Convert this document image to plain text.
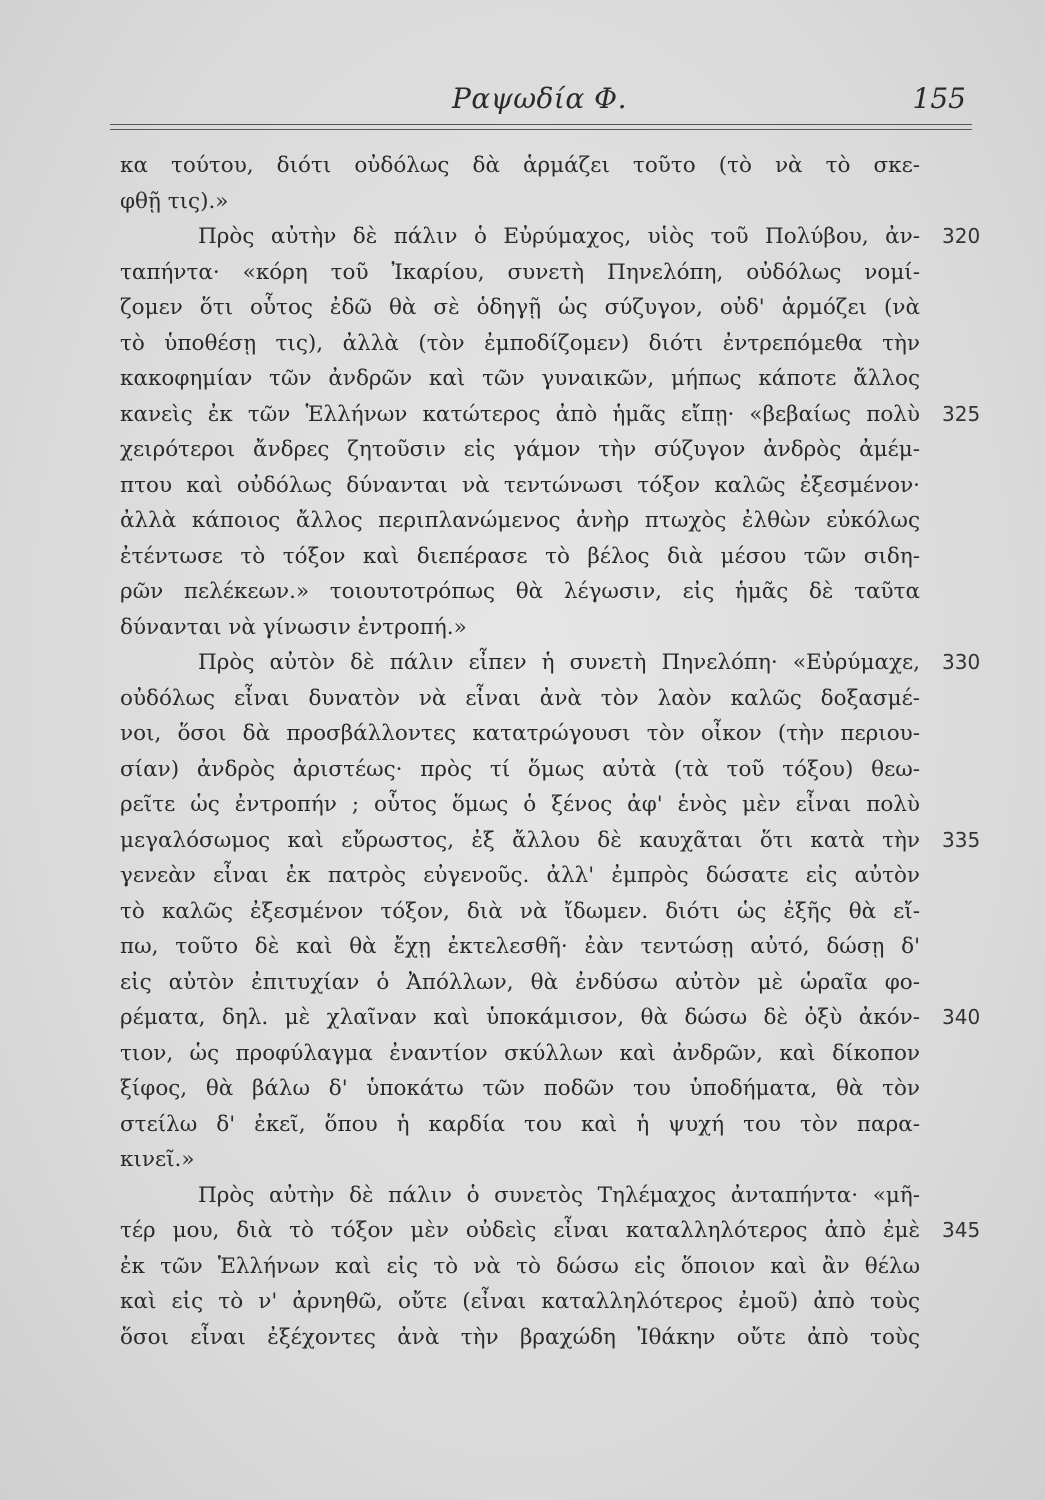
Ραψωδία Φ.	155
κα τούτου, διότι οὐδόλως δὰ ἁρμάζει τοῦτο (τὸ νὰ τὸ σκε-
φθῇ τις).»
Πρὸς αὐτὴν δὲ πάλιν ὁ Εὐρύμαχος, υἱὸς τοῦ Πολύβου, ἀν- 320
ταπήντα· «κόρη τοῦ Ἰκαρίου, συνετὴ Πηνελόπη, οὐδόλως νομί-
ζομεν ὅτι οὗτος ἐδῶ θὰ σὲ ὁδηγῇ ὡς σύζυγον, οὐδ' ἁρμόζει (νὰ
τὸ ὑποθέσῃ τις), ἀλλὰ (τὸν ἐμποδίζομεν) διότι ἐντρεπόμεθα τὴν
κακοφημίαν τῶν ἀνδρῶν καὶ τῶν γυναικῶν, μήπως κάποτε ἄλλος
κανεὶς ἐκ τῶν Ἑλλήνων κατώτερος ἀπὸ ἡμᾶς εἴπῃ· «βεβαίως πολὺ 325
χειρότεροι ἄνδρες ζητοῦσιν εἰς γάμον τὴν σύζυγον ἀνδρὸς ἀμέμ-
πτου καὶ οὐδόλως δύνανται νὰ τεντώνωσι τόξον καλῶς ἐξεσμένον·
ἀλλὰ κάποιος ἄλλος περιπλανώμενος ἀνὴρ πτωχὸς ἐλθὼν εὐκόλως
ἐτέντωσε τὸ τόξον καὶ διεπέρασε τὸ βέλος διὰ μέσου τῶν σιδη-
ρῶν πελέκεων.» τοιουτοτρόπως θὰ λέγωσιν, εἰς ἡμᾶς δὲ ταῦτα
δύνανται νὰ γίνωσιν ἐντροπή.»
Πρὸς αὐτὸν δὲ πάλιν εἶπεν ἡ συνετὴ Πηνελόπη· «Εὐρύμαχε, 330
οὐδόλως εἶναι δυνατὸν νὰ εἶναι ἀνὰ τὸν λαὸν καλῶς δοξασμέ-
νοι, ὅσοι δὰ προσβάλλοντες κατατρώγουσι τὸν οἶκον (τὴν περιου-
σίαν) ἀνδρὸς ἀριστέως· πρὸς τί ὅμως αὐτὰ (τὰ τοῦ τόξου) θεω-
ρεῖτε ὡς ἐντροπήν ; οὗτος ὅμως ὁ ξένος ἀφ' ἑνὸς μὲν εἶναι πολὺ
μεγαλόσωμος καὶ εὔρωστος, ἐξ ἄλλου δὲ καυχᾶται ὅτι κατὰ τὴν 335
γενεὰν εἶναι ἐκ πατρὸς εὐγενοῦς. ἀλλ' ἐμπρὸς δώσατε εἰς αὐτὸν
τὸ καλῶς ἐξεσμένον τόξον, διὰ νὰ ἴδωμεν. διότι ὡς ἐξῆς θὰ εἴ-
πω, τοῦτο δὲ καὶ θὰ ἔχῃ ἐκτελεσθῆ· ἐὰν τεντώσῃ αὐτό, δώσῃ δ'
εἰς αὐτὸν ἐπιτυχίαν ὁ Ἀπόλλων, θὰ ἐνδύσω αὐτὸν μὲ ὡραῖα φο-
ρέματα, δηλ. μὲ χλαῖναν καὶ ὑποκάμισον, θὰ δώσω δὲ ὀξὺ ἀκόν- 340
τιον, ὡς προφύλαγμα ἐναντίον σκύλλων καὶ ἀνδρῶν, καὶ δίκοπον
ξίφος, θὰ βάλω δ' ὑποκάτω τῶν ποδῶν του ὑποδήματα, θὰ τὸν
στείλω δ' ἐκεῖ, ὅπου ἡ καρδία του καὶ ἡ ψυχή του τὸν παρα-
κινεῖ.»
Πρὸς αὐτὴν δὲ πάλιν ὁ συνετὸς Τηλέμαχος ἀνταπήντα· «μῆ-
τέρ μου, διὰ τὸ τόξον μὲν οὐδεὶς εἶναι καταλληλότερος ἀπὸ ἐμὲ 345
ἐκ τῶν Ἑλλήνων καὶ εἰς τὸ νὰ τὸ δώσω εἰς ὅποιον καὶ ἂν θέλω
καὶ εἰς τὸ ν' ἀρνηθῶ, οὔτε (εἶναι καταλληλότερος ἐμοῦ) ἀπὸ τοὺς
ὅσοι εἶναι ἐξέχοντες ἀνὰ τὴν βραχώδη Ἰθάκην οὔτε ἀπὸ τοὺς
